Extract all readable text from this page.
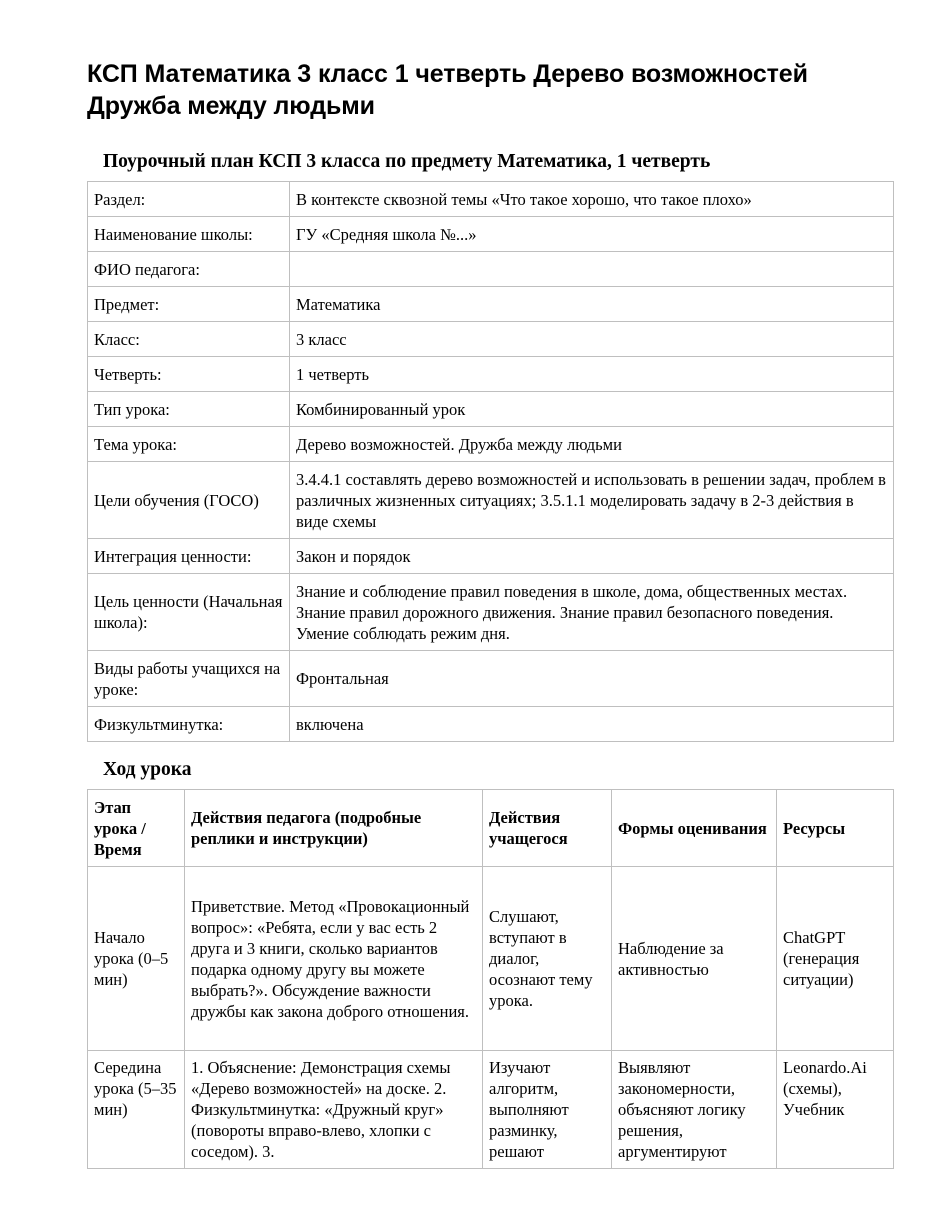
КСП Математика 3 класс 1 четверть Дерево возможностей Дружба между людьми
Поурочный план КСП 3 класса по предмету Математика, 1 четверть
Раздел:	В контексте сквозной темы «Что такое хорошо, что такое плохо»
Наименование школы:	ГУ «Средняя школа №...»
ФИО педагога:	
Предмет:	Математика
Класс:	3 класс
Четверть:	1 четверть
Тип урока:	Комбинированный урок
Тема урока:	Дерево возможностей. Дружба между людьми
Цели обучения (ГОСО)	3.4.4.1 составлять дерево возможностей и использовать в решении задач, проблем в различных жизненных ситуациях; 3.5.1.1 моделировать задачу в 2-3 действия в виде схемы
Интеграция ценности:	Закон и порядок
Цель ценности (Начальная школа):	Знание и соблюдение правил поведения в школе, дома, общественных местах. Знание правил дорожного движения. Знание правил безопасного поведения. Умение соблюдать режим дня.
Виды работы учащихся на уроке:	Фронтальная
Физкультминутка:	включена
Ход урока
Этап урока / Время	Действия педагога (подробные реплики и инструкции)	Действия учащегося	Формы оценивания	Ресурсы
Начало урока (0–5 мин)	Приветствие. Метод «Провокационный вопрос»: «Ребята, если у вас есть 2 друга и 3 книги, сколько вариантов подарка одному другу вы можете выбрать?». Обсуждение важности дружбы как закона доброго отношения.	Слушают, вступают в диалог, осознают тему урока.	Наблюдение за активностью	ChatGPT (генерация ситуации)
Середина урока (5–35 мин)	1. Объяснение: Демонстрация схемы «Дерево возможностей» на доске. 2. Физкультминутка: «Дружный круг» (повороты вправо-влево, хлопки с соседом). 3.	Изучают алгоритм, выполняют разминку, решают	Выявляют закономерности, объясняют логику решения, аргументируют	Leonardo.Ai (схемы), Учебник
